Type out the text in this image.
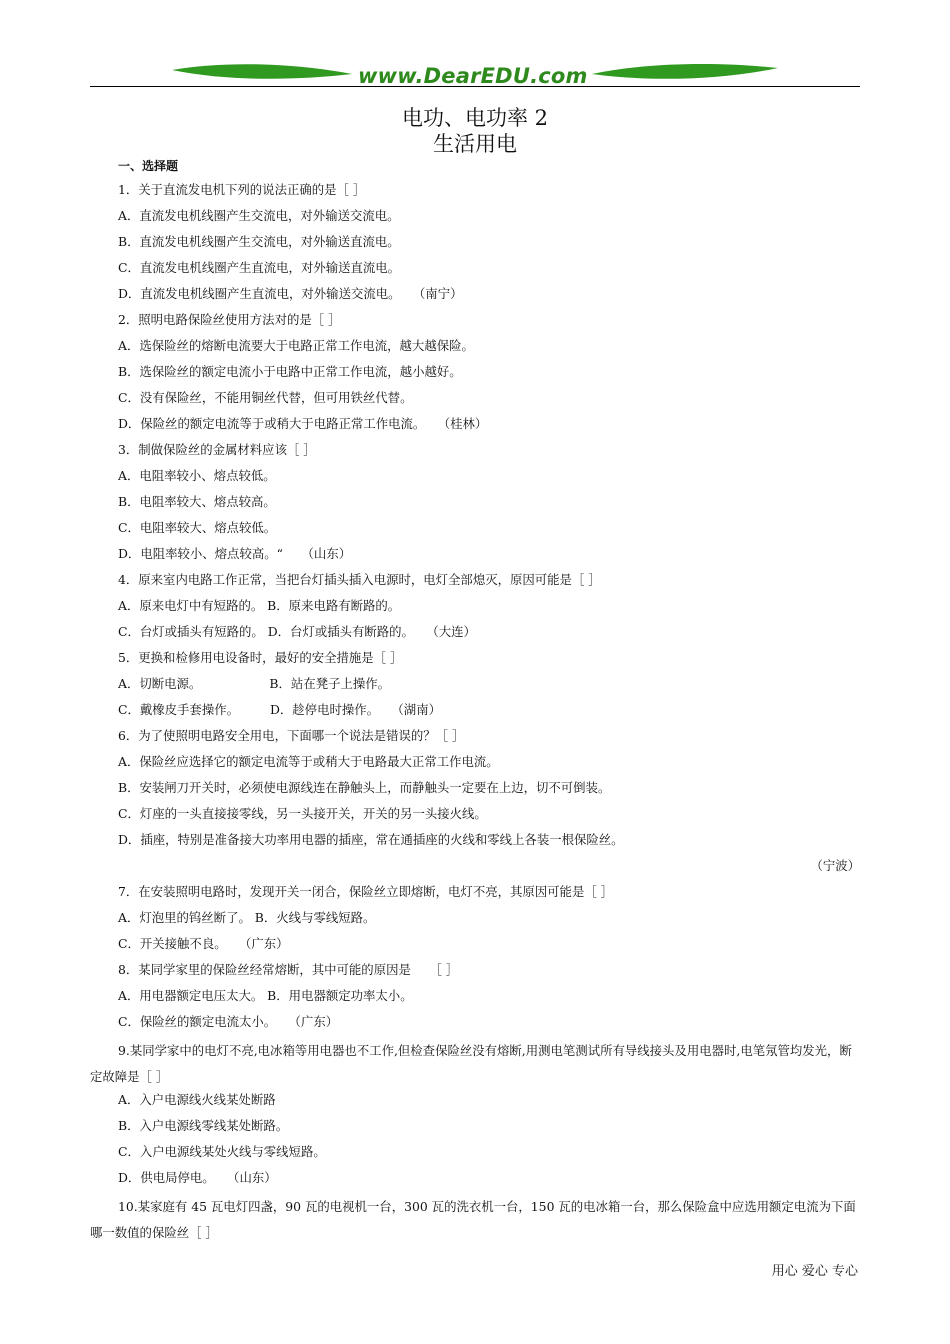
www.DearEDU.com
电功、电功率 2
生活用电
一、选择题
1．关于直流发电机下列的说法正确的是［ ］
A．直流发电机线圈产生交流电，对外输送交流电。
B．直流发电机线圈产生交流电，对外输送直流电。
C．直流发电机线圈产生直流电，对外输送直流电。
D．直流发电机线圈产生直流电，对外输送交流电。　　（南宁）
2．照明电路保险丝使用方法对的是［ ］
A．选保险丝的熔断电流要大于电路正常工作电流，越大越保险。
B．选保险丝的额定电流小于电路中正常工作电流，越小越好。
C．没有保险丝，不能用铜丝代替，但可用铁丝代替。
D．保险丝的额定电流等于或稍大于电路正常工作电流。　　（桂林）
3．制做保险丝的金属材料应该［ ］
A．电阻率较小、熔点较低。
B．电阻率较大、熔点较高。
C．电阻率较大、熔点较低。
D．电阻率较小、熔点较高。“　　（山东）
4．原来室内电路工作正常，当把台灯插头插入电源时，电灯全部熄灭，原因可能是［ ］
A．原来电灯中有短路的。 B．原来电路有断路的。
C．台灯或插头有短路的。 D．台灯或插头有断路的。　　（大连）
5．更换和检修用电设备时，最好的安全措施是［ ］
A．切断电源。　　　　　　B．站在凳子上操作。
C．戴橡皮手套操作。　　　D．趁停电时操作。　　（湖南）
6．为了使照明电路安全用电，下面哪一个说法是错误的？［ ］
A．保险丝应选择它的额定电流等于或稍大于电路最大正常工作电流。
B．安装闸刀开关时，必须使电源线连在静触头上，而静触头一定要在上边，切不可倒装。
C．灯座的一头直接接零线，另一头接开关，开关的另一头接火线。
D．插座，特别是准备接大功率用电器的插座，常在通插座的火线和零线上各装一根保险丝。
（宁波）
7．在安装照明电路时，发现开关一闭合，保险丝立即熔断，电灯不亮，其原因可能是［ ］
A．灯泡里的钨丝断了。 B．火线与零线短路。
C．开关接触不良。　　（广东）
8．某同学家里的保险丝经常熔断，其中可能的原因是　　［ ］
A．用电器额定电压太大。 B．用电器额定功率太小。
C．保险丝的额定电流太小。　　（广东）
9.某同学家中的电灯不亮,电冰箱等用电器也不工作,但检查保险丝没有熔断,用测电笔测试所有导线接头及用电器时,电笔氖管均发光，断定故障是［ ］
A．入户电源线火线某处断路
B．入户电源线零线某处断路。
C．入户电源线某处火线与零线短路。
D．供电局停电。　　（山东）
10.某家庭有 45 瓦电灯四盏，90 瓦的电视机一台，300 瓦的洗衣机一台，150 瓦的电冰箱一台，那么保险盒中应选用额定电流为下面哪一数值的保险丝［ ］
用心 爱心 专心
